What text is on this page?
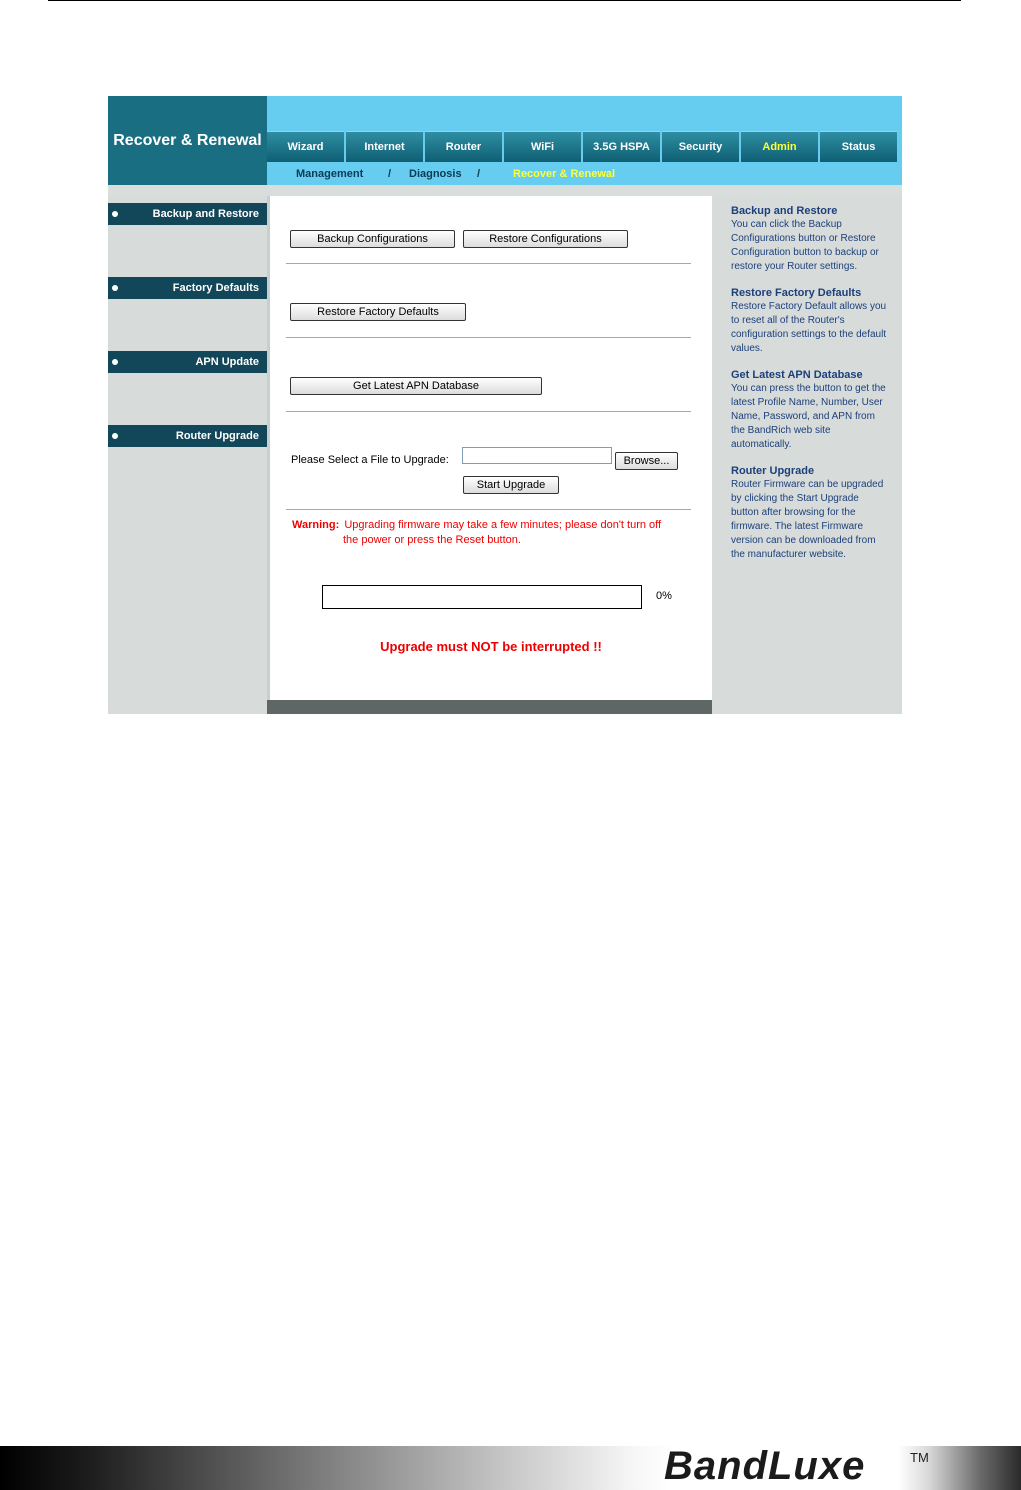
Recover & Renewal	Wizard	Internet	Router	WiFi	3.5G HSPA	Security	Admin	Status
Management / Diagnosis /	Recover & Renewal
Backup and Restore
Factory Defaults
APN Update
Router Upgrade
Backup Configurations	Restore Configurations
Restore Factory Defaults
Get Latest APN Database
Please Select a File to Upgrade:	Browse...
Start Upgrade
Warning: Upgrading firmware may take a few minutes; please don't turn off
the power or press the Reset button.
0%
Upgrade must NOT be interrupted !!
Backup and Restore

You can click the Backup Configurations button or Restore Configuration button to backup or restore your Router settings.

Restore Factory Defaults

Restore Factory Default allows you to reset all of the Router's configuration settings to the default values.

Get Latest APN Database

You can press the button to get the latest Profile Name, Number, User Name, Password, and APN from the BandRich web site automatically.

Router Upgrade

Router Firmware can be upgraded by clicking the Start Upgrade button after browsing for the firmware. The latest Firmware version can be downloaded from the manufacturer website.

BandLuxe	TM
